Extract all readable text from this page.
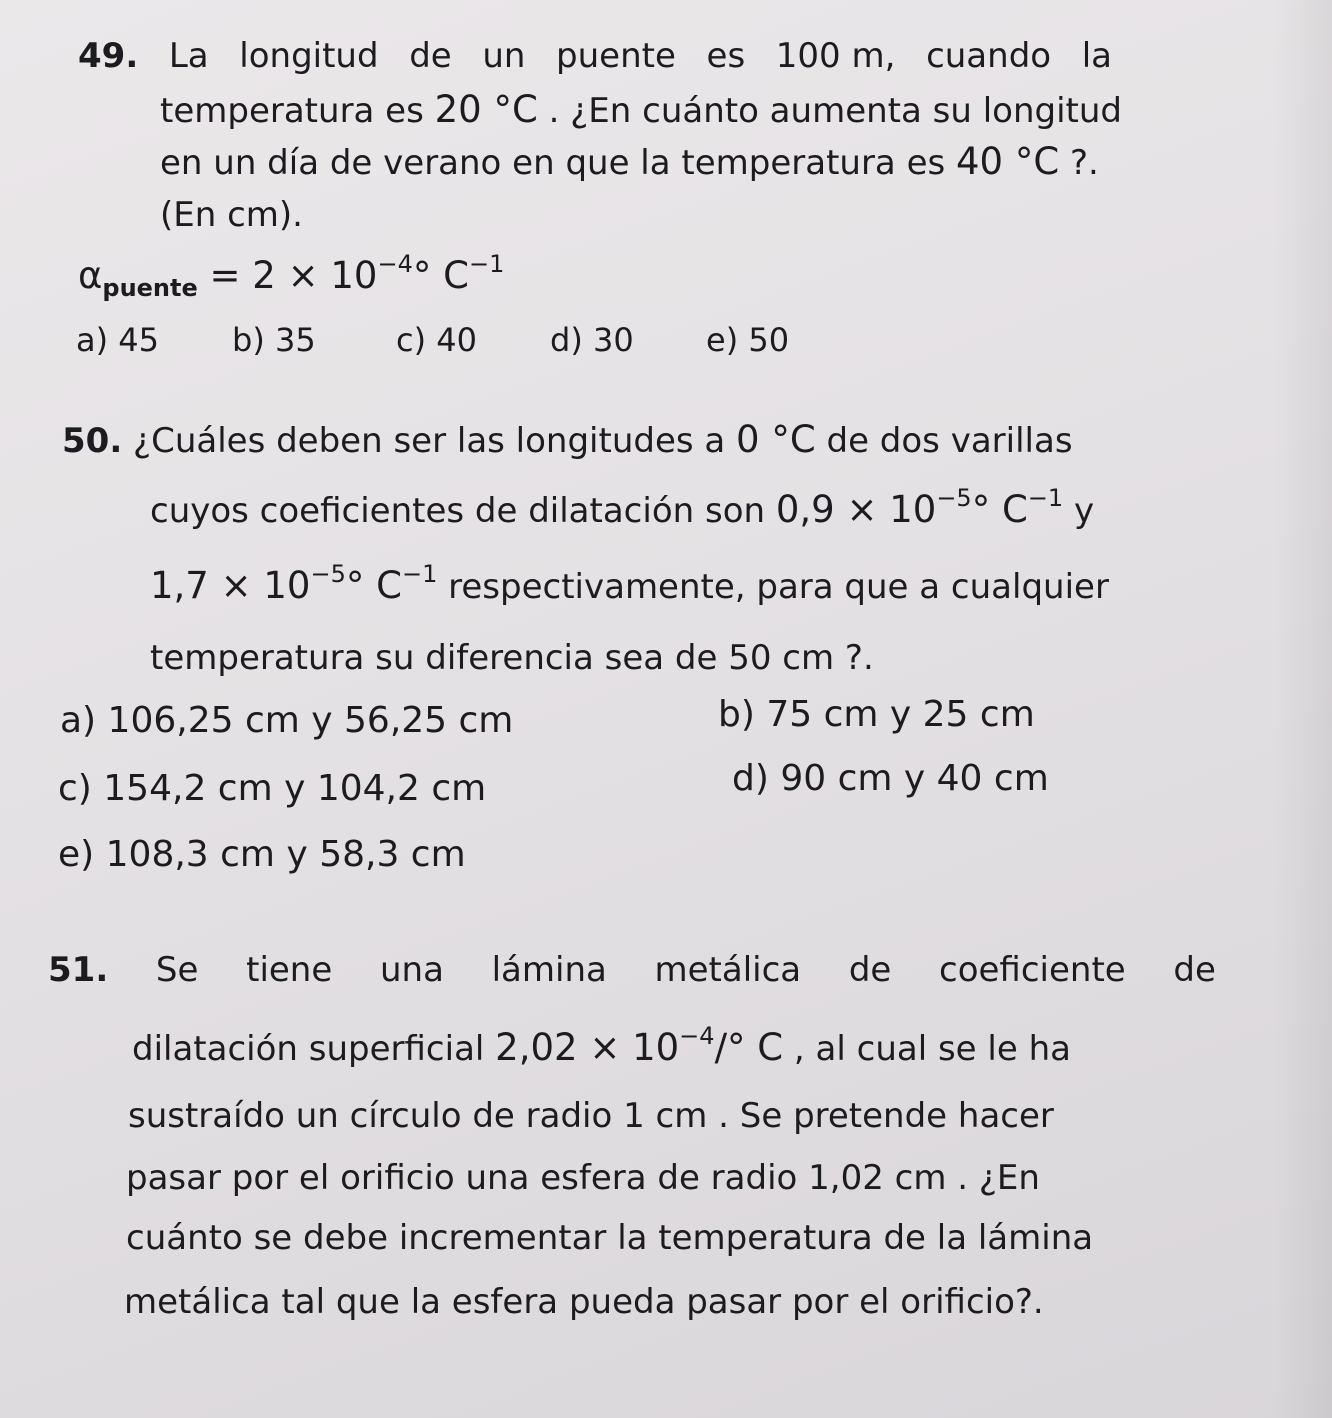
49. La longitud de un puente es 100 m, cuando la
temperatura es 20 °C . ¿En cuánto aumenta su longitud
en un día de verano en que la temperatura es 40 °C ?.
(En cm).
$\alpha_{puente} = 2 \times 10^{-4}^\circ$ $C^{-1}$
a) 45 b) 35	c) 40 d) 30 e) 50
50. ¿Cuáles deben ser las longitudes a 0 °C de dos varillas
cuyos coeficientes de dilatación son $0,9 \times 10^{-5}^\circ$ $C^{-1}$ y
$1,7 \times 10^{-5}^\circ$ $C^{-1}$ respectivamente, para que a cualquier
temperatura su diferencia sea de 50 cm ?.
a) 106,25 cm y 56,25 cm	b) 75 cm y 25 cm
c) 154,2 cm y 104,2 cm	d) 90 cm y 40 cm
e) 108,3 cm y 58,3 cm
51. Se tiene una lámina metálica de coeficiente de
dilatación superficial $2,02 \times 10^{-4}/^\circ$ C , al cual se le ha
sustraído un círculo de radio 1 cm . Se pretende hacer
pasar por el orificio una esfera de radio 1,02 cm . ¿En
cuánto se debe incrementar la temperatura de la lámina
metálica tal que la esfera pueda pasar por el orificio?.
